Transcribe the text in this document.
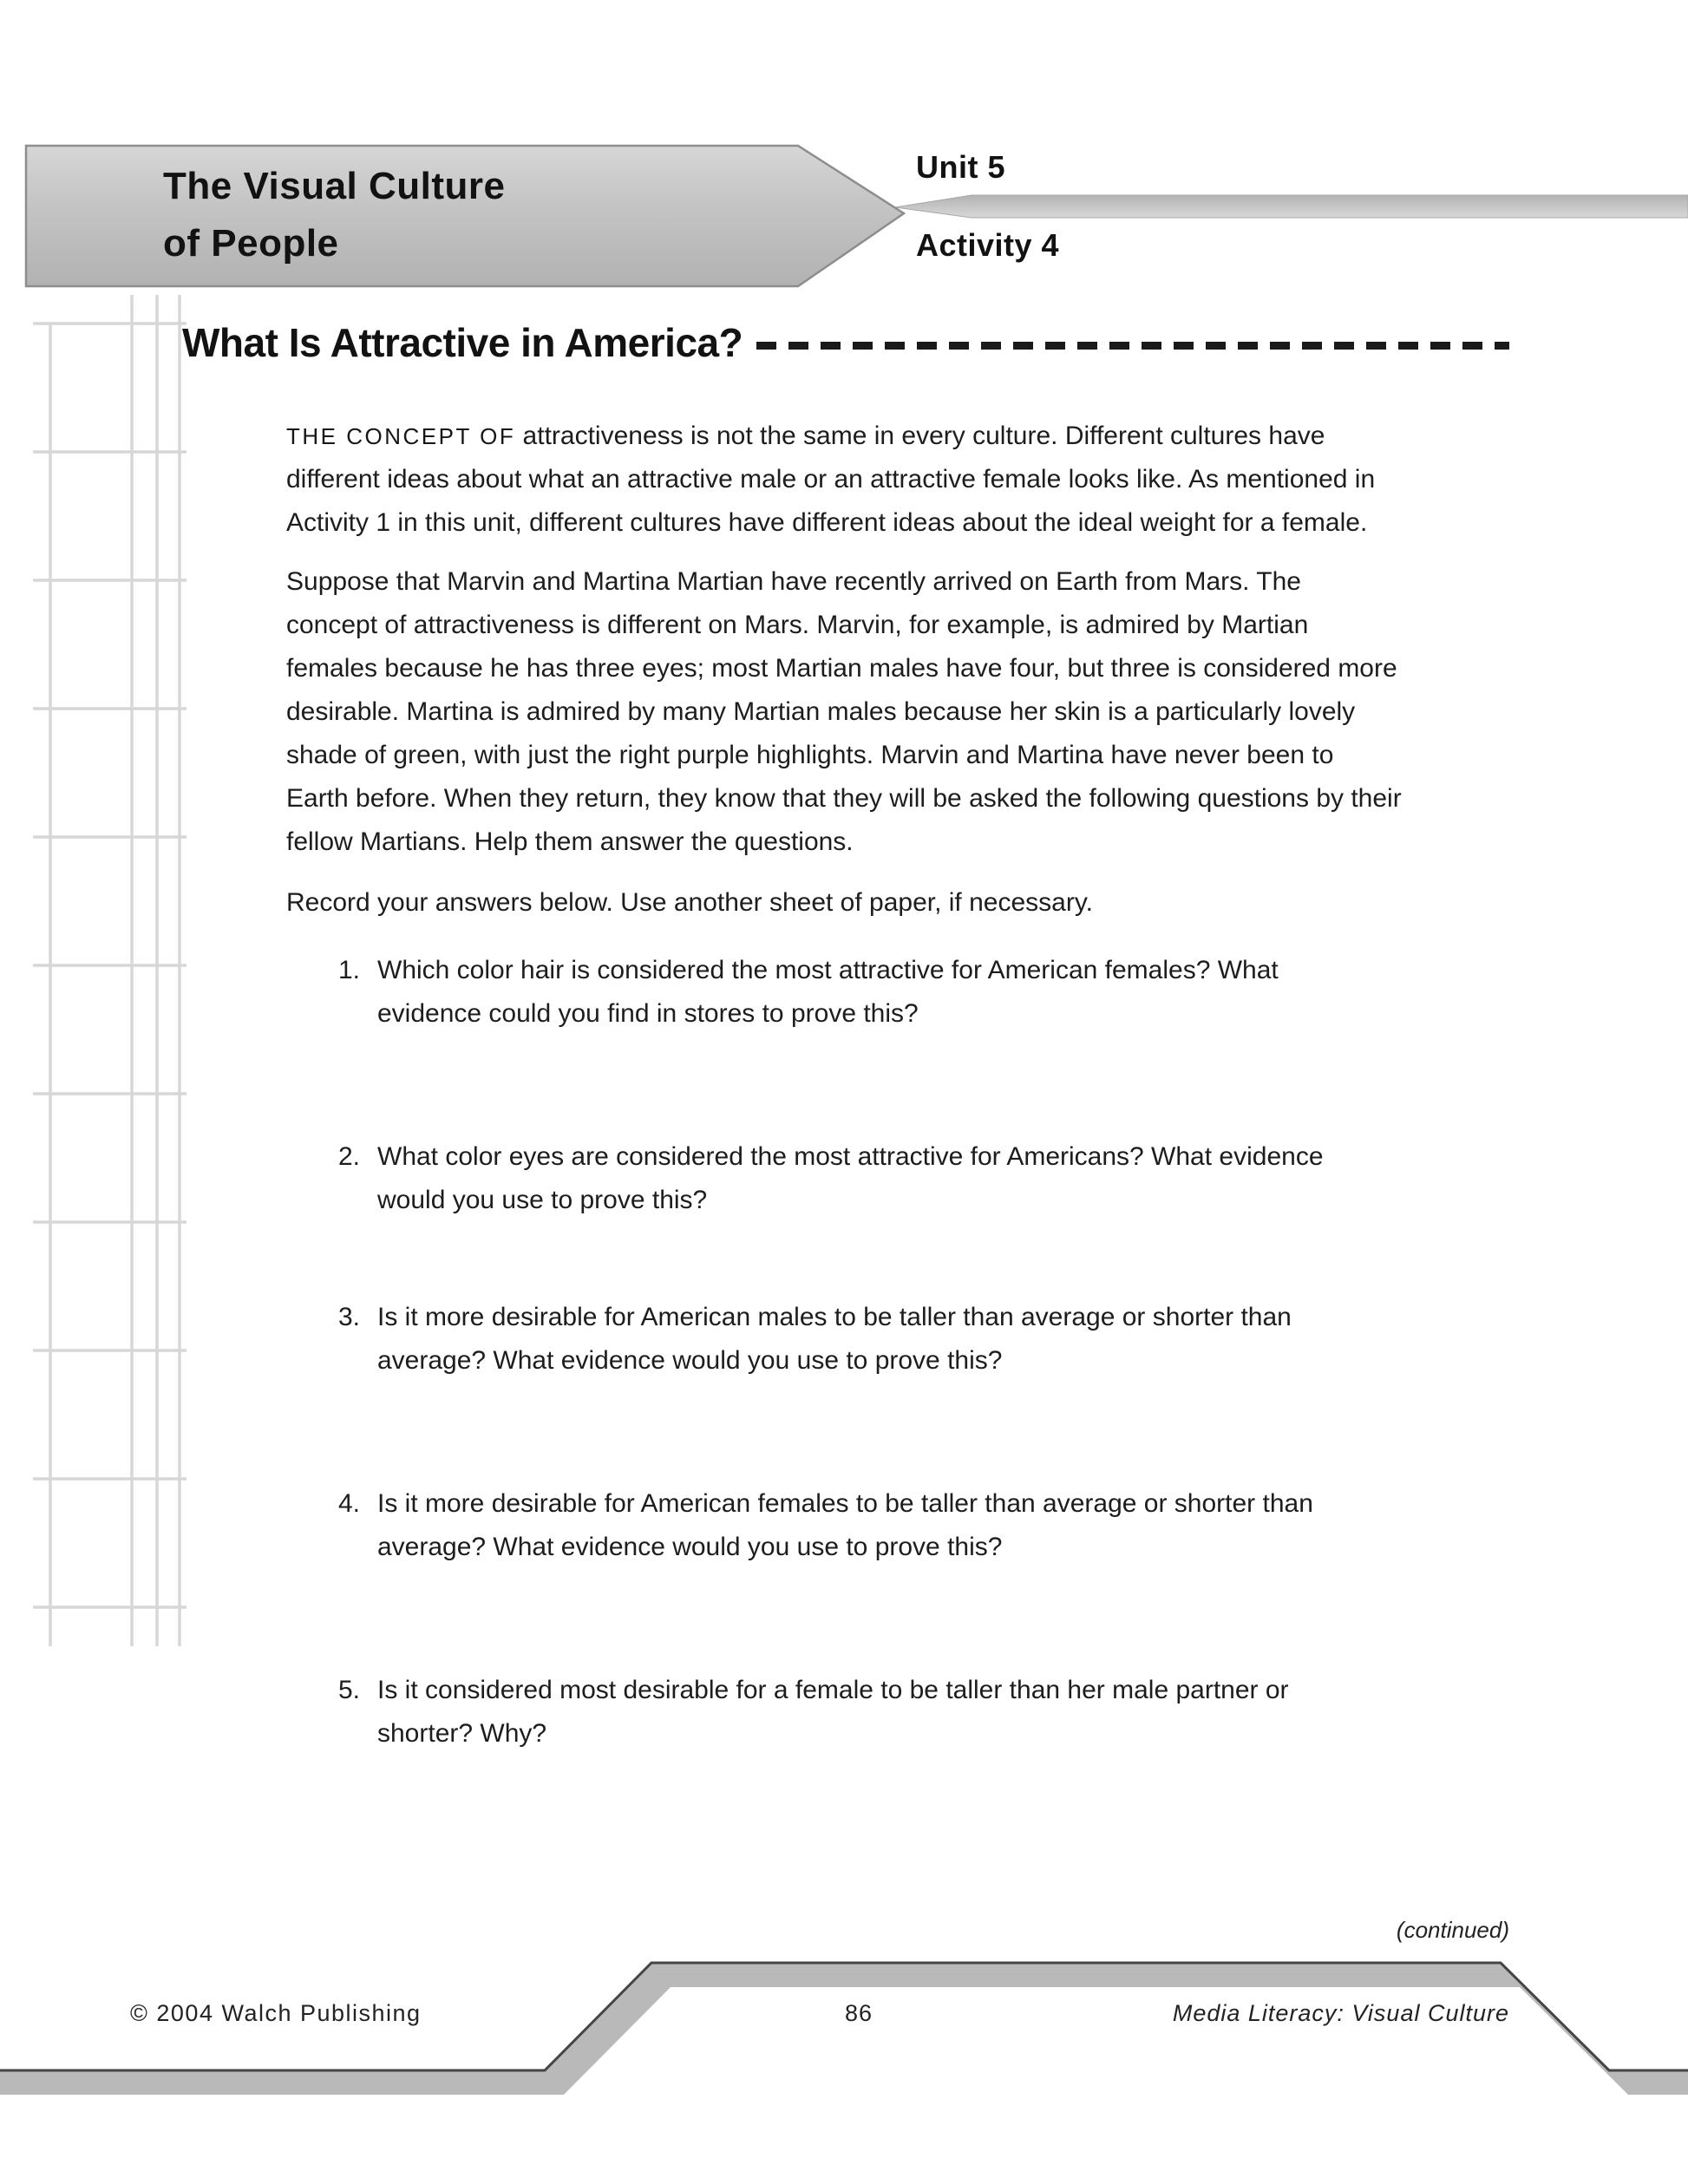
The Visual Culture
of People
Unit 5
Activity 4
What Is Attractive in America?
THE CONCEPT OF attractiveness is not the same in every culture. Different cultures have
different ideas about what an attractive male or an attractive female looks like. As mentioned in
Activity 1 in this unit, different cultures have different ideas about the ideal weight for a female.
Suppose that Marvin and Martina Martian have recently arrived on Earth from Mars. The
concept of attractiveness is different on Mars. Marvin, for example, is admired by Martian
females because he has three eyes; most Martian males have four, but three is considered more
desirable. Martina is admired by many Martian males because her skin is a particularly lovely
shade of green, with just the right purple highlights. Marvin and Martina have never been to
Earth before. When they return, they know that they will be asked the following questions by their
fellow Martians. Help them answer the questions.
Record your answers below. Use another sheet of paper, if necessary.
1. Which color hair is considered the most attractive for American females? What
evidence could you find in stores to prove this?
2. What color eyes are considered the most attractive for Americans? What evidence
would you use to prove this?
3. Is it more desirable for American males to be taller than average or shorter than
average? What evidence would you use to prove this?
4. Is it more desirable for American females to be taller than average or shorter than
average? What evidence would you use to prove this?
5. Is it considered most desirable for a female to be taller than her male partner or
shorter? Why?
(continued)
© 2004 Walch Publishing	86	Media Literacy: Visual Culture
